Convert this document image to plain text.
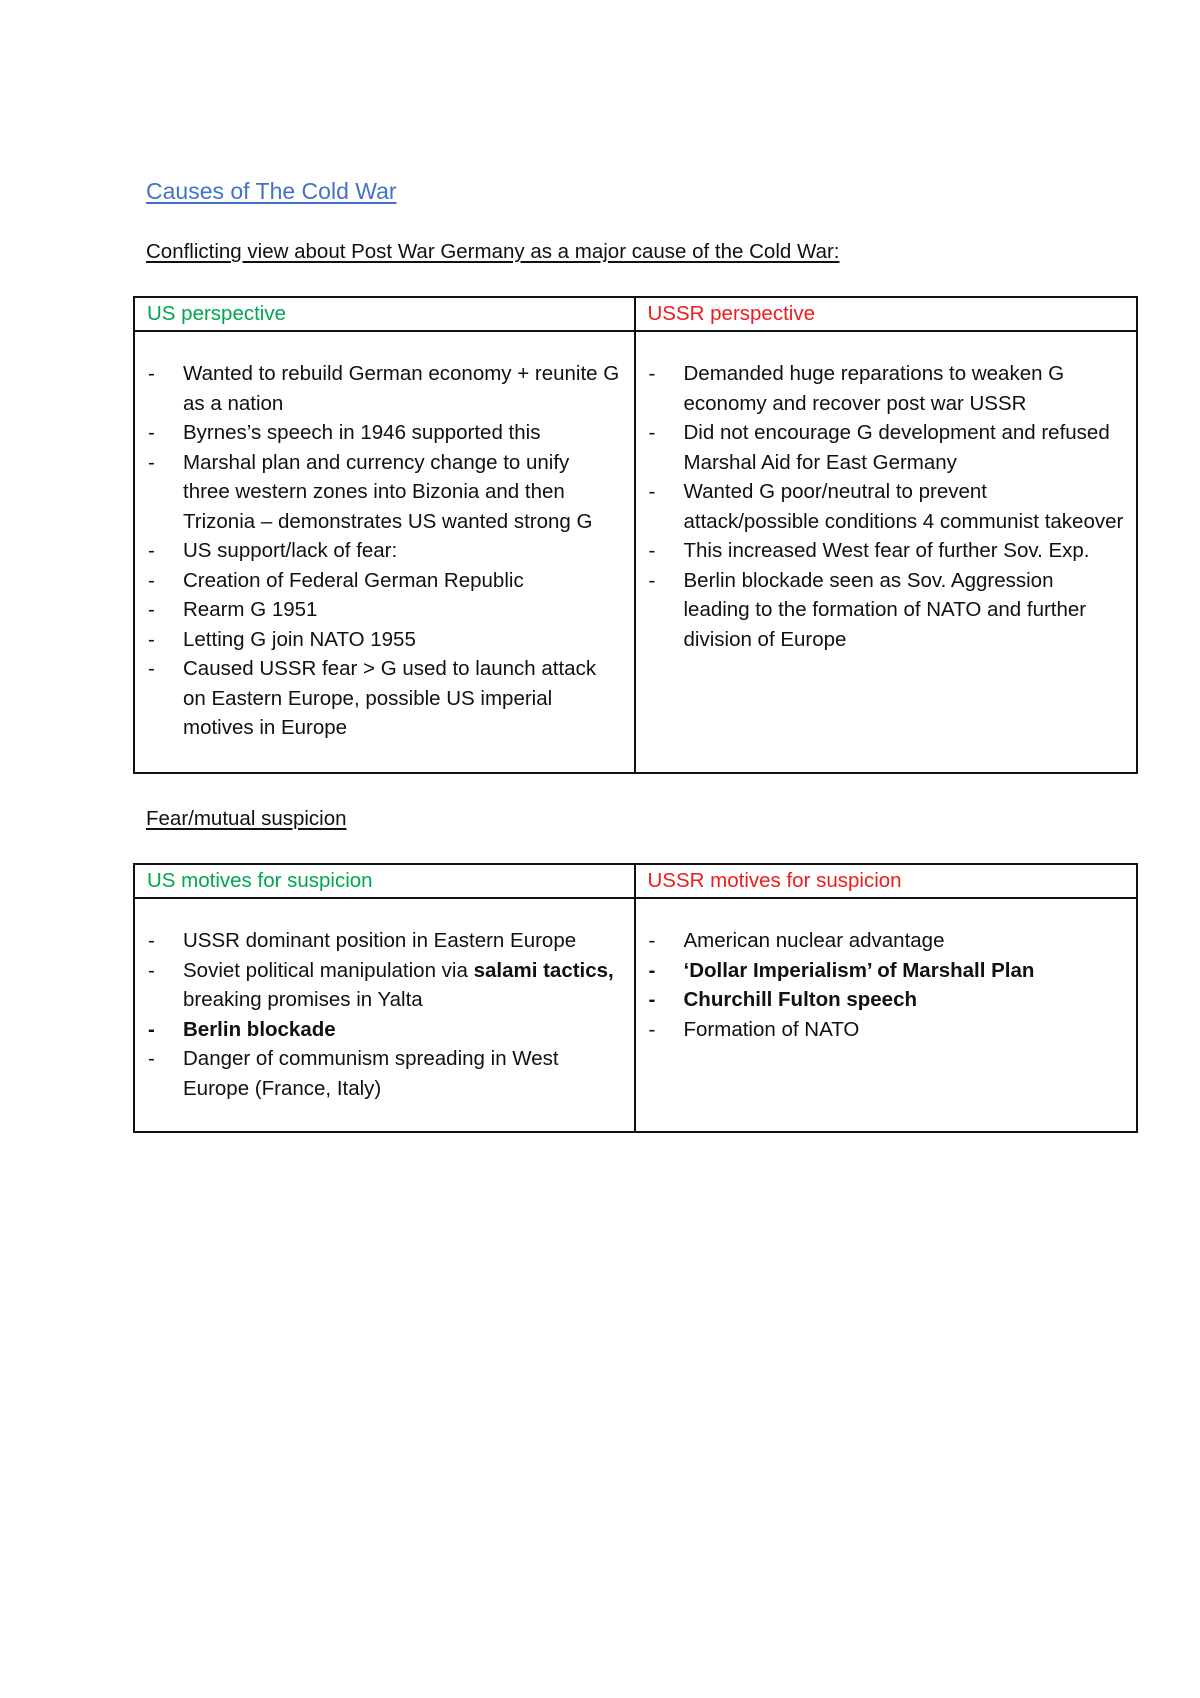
Causes of The Cold War
Conflicting view about Post War Germany as a major cause of the Cold War:
US perspective	USSR perspective
- Wanted to rebuild German economy + reunite G as a nation
- Byrnes’s speech in 1946 supported this
- Marshal plan and currency change to unify three western zones into Bizonia and then Trizonia – demonstrates US wanted strong G
- US support/lack of fear:
- Creation of Federal German Republic
- Rearm G 1951
- Letting G join NATO 1955
- Caused USSR fear > G used to launch attack on Eastern Europe, possible US imperial motives in Europe
- Demanded huge reparations to weaken G economy and recover post war USSR
- Did not encourage G development and refused Marshal Aid for East Germany
- Wanted G poor/neutral to prevent attack/possible conditions 4 communist takeover
- This increased West fear of further Sov. Exp.
- Berlin blockade seen as Sov. Aggression leading to the formation of NATO and further division of Europe
Fear/mutual suspicion
US motives for suspicion	USSR motives for suspicion
- USSR dominant position in Eastern Europe
- Soviet political manipulation via salami tactics, breaking promises in Yalta
- Berlin blockade
- Danger of communism spreading in West Europe (France, Italy)
- American nuclear advantage
- ‘Dollar Imperialism’ of Marshall Plan
- Churchill Fulton speech
- Formation of NATO
